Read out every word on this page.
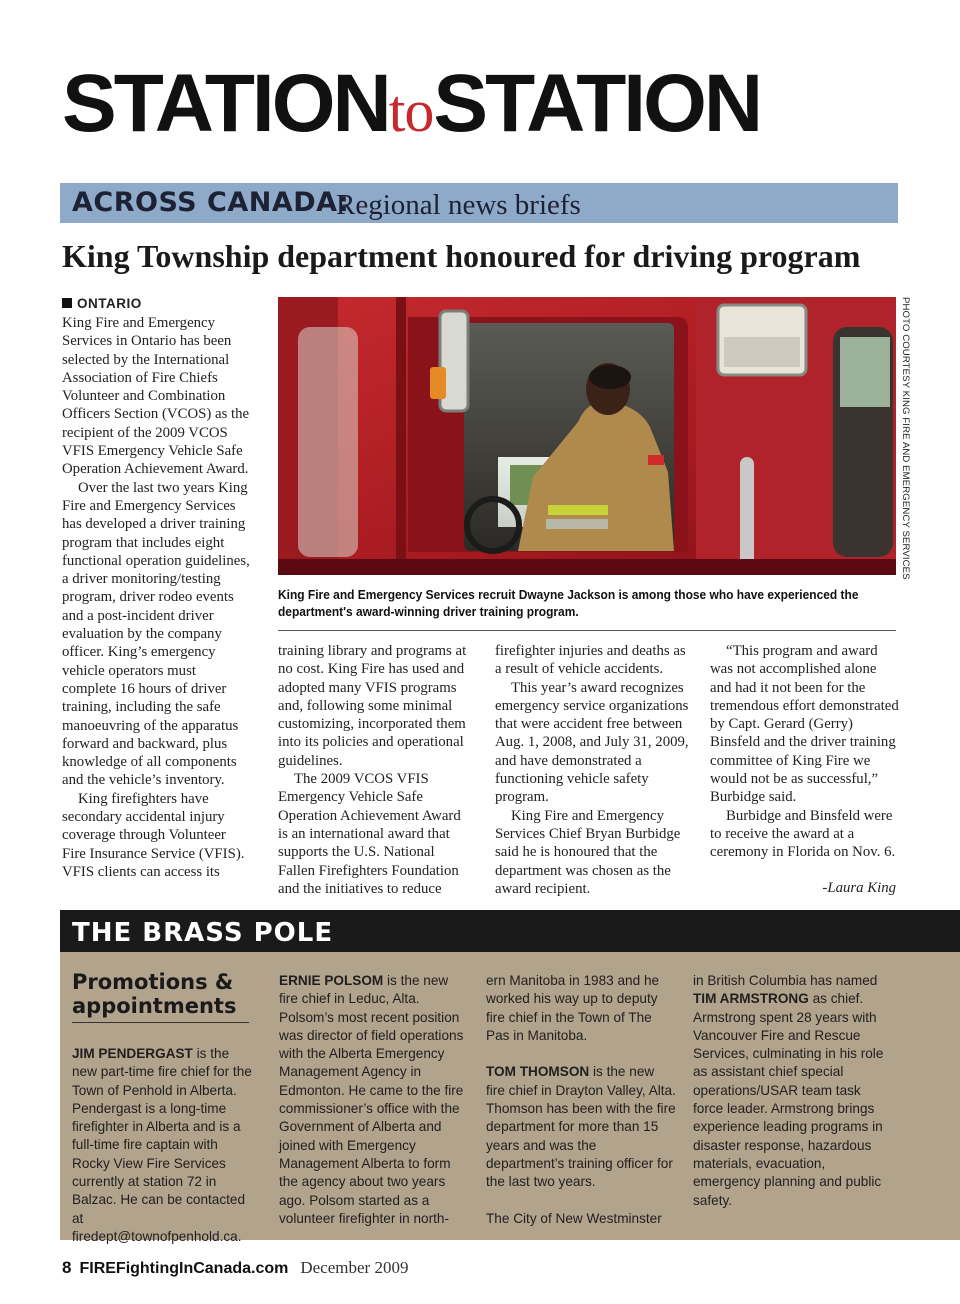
STATIONtoSTATION
ACROSS CANADA:
Regional news briefs
King Township department honoured for driving program
ONTARIO

King Fire and Emergency Services in Ontario has been selected by the International Association of Fire Chiefs Volunteer and Combination Officers Section (VCOS) as the recipient of the 2009 VCOS VFIS Emergency Vehicle Safe Operation Achievement Award.

Over the last two years King Fire and Emergency Services has developed a driver training program that includes eight functional operation guidelines, a driver monitoring/testing program, driver rodeo events and a post-incident driver evaluation by the company officer. King’s emergency vehicle operators must complete 16 hours of driver training, including the safe manoeuvring of the apparatus forward and backward, plus knowledge of all components and the vehicle’s inventory.

King firefighters have secondary accidental injury coverage through Volunteer Fire Insurance Service (VFIS). VFIS clients can access its

PHOTO COURTESY KING FIRE AND EMERGENCY SERVICES
King Fire and Emergency Services recruit Dwayne Jackson is among those who have experienced the department's award-winning driver training program.

training library and programs at no cost. King Fire has used and adopted many VFIS programs and, following some minimal customizing, incorporated them into its policies and operational guidelines.

The 2009 VCOS VFIS Emergency Vehicle Safe Operation Achievement Award is an international award that supports the U.S. National Fallen Firefighters Foundation and the initiatives to reduce

firefighter injuries and deaths as a result of vehicle accidents.

This year’s award recognizes emergency service organizations that were accident free between Aug. 1, 2008, and July 31, 2009, and have demonstrated a functioning vehicle safety program.

King Fire and Emergency Services Chief Bryan Burbidge said he is honoured that the department was chosen as the award recipient.

“This program and award was not accomplished alone and had it not been for the tremendous effort demonstrated by Capt. Gerard (Gerry) Binsfeld and the driver training committee of King Fire we would not be as successful,” Burbidge said.

Burbidge and Binsfeld were to receive the award at a ceremony in Florida on Nov. 6.

-Laura King
THE BRASS POLE
Promotions & appointments

JIM PENDERGAST is the new part-time fire chief for the Town of Penhold in Alberta. Pendergast is a long-time firefighter in Alberta and is a full-time fire captain with Rocky View Fire Services currently at station 72 in Balzac. He can be contacted at firedept@townofpenhold.ca.

ERNIE POLSOM is the new fire chief in Leduc, Alta. Polsom’s most recent position was director of field operations with the Alberta Emergency Management Agency in Edmonton. He came to the fire commissioner’s office with the Government of Alberta and joined with Emergency Management Alberta to form the agency about two years ago. Polsom started as a volunteer firefighter in north-

ern Manitoba in 1983 and he worked his way up to deputy fire chief in the Town of The Pas in Manitoba.

TOM THOMSON is the new fire chief in Drayton Valley, Alta. Thomson has been with the fire department for more than 15 years and was the department’s training officer for the last two years.

The City of New Westminster

in British Columbia has named TIM ARMSTRONG as chief. Armstrong spent 28 years with Vancouver Fire and Rescue Services, culminating in his role as assistant chief special operations/USAR team task force leader. Armstrong brings experience leading programs in disaster response, hazardous materials, evacuation, emergency planning and public safety.

8 FIREFightingInCanada.com December 2009
